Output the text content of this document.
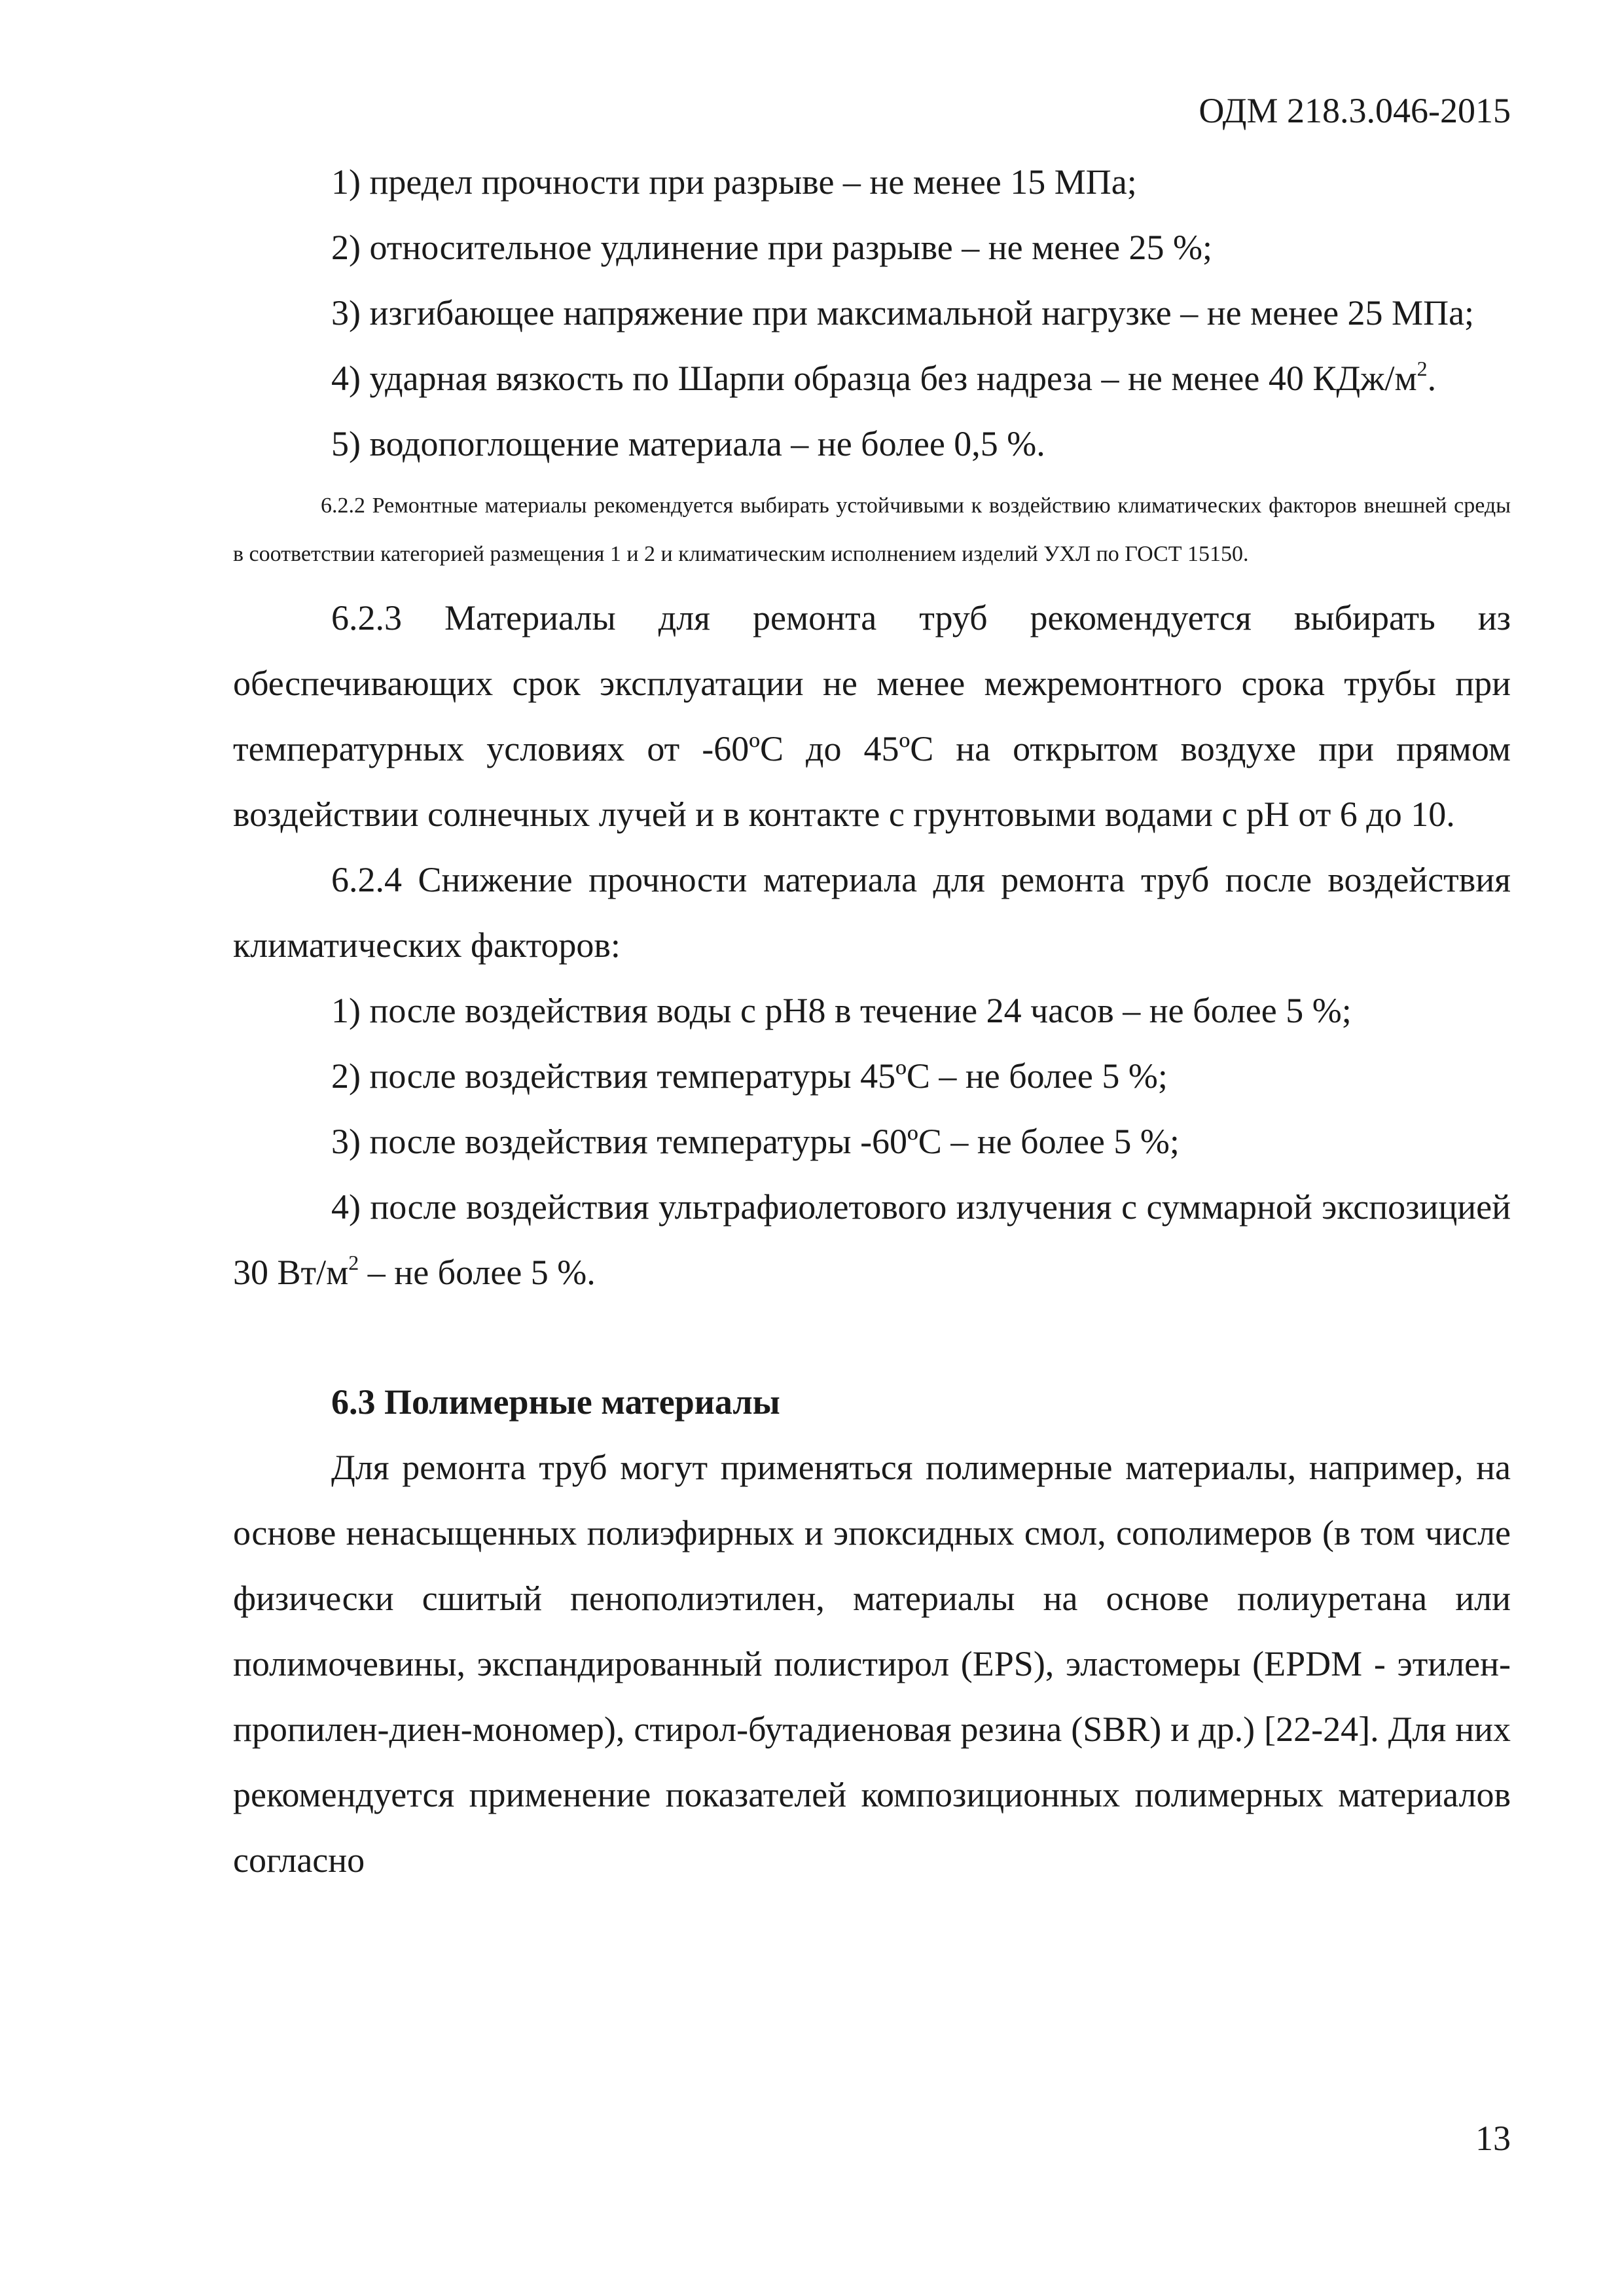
ОДМ 218.3.046-2015

1) предел прочности при разрыве – не менее 15 МПа;

2) относительное удлинение при разрыве – не менее 25 %;

3) изгибающее напряжение при максимальной нагрузке – не менее 25 МПа;

4) ударная вязкость по Шарпи образца без надреза – не менее 40 КДж/$м^2$.

5) водопоглощение материала – не более 0,5 %.

6.2.2 Ремонтные материалы рекомендуется выбирать устойчивыми к воздействию климатических факторов внешней среды в соответствии категорией размещения 1 и 2 и климатическим исполнением изделий УХЛ по ГОСТ 15150.

6.2.3 Материалы для ремонта труб рекомендуется выбирать из обеспечивающих срок эксплуатации не менее межремонтного срока трубы при температурных условиях от -60ºС до 45ºС на открытом воздухе при прямом воздействии солнечных лучей и в контакте с грунтовыми водами с рН от 6 до 10.

6.2.4 Снижение прочности материала для ремонта труб после воздействия климатических факторов:

1) после воздействия воды с рН8 в течение 24 часов – не более 5 %;

2) после воздействия температуры 45ºС – не более 5 %;

3) после воздействия температуры -60ºС – не более 5 %;

4) после воздействия ультрафиолетового излучения с суммарной экспозицией 30 $Вт/м^2$ – не более 5 %.

6.3 Полимерные материалы

Для ремонта труб могут применяться полимерные материалы, например, на основе ненасыщенных полиэфирных и эпоксидных смол, сополимеров (в том числе физически сшитый пенополиэтилен, материалы на основе полиуретана или полимочевины, экспандированный полистирол (EPS), эластомеры (EPDM - этилен-пропилен-диен-мономер), стирол-бутадиеновая резина (SBR) и др.) [22-24]. Для них рекомендуется применение показателей композиционных полимерных материалов согласно

13
